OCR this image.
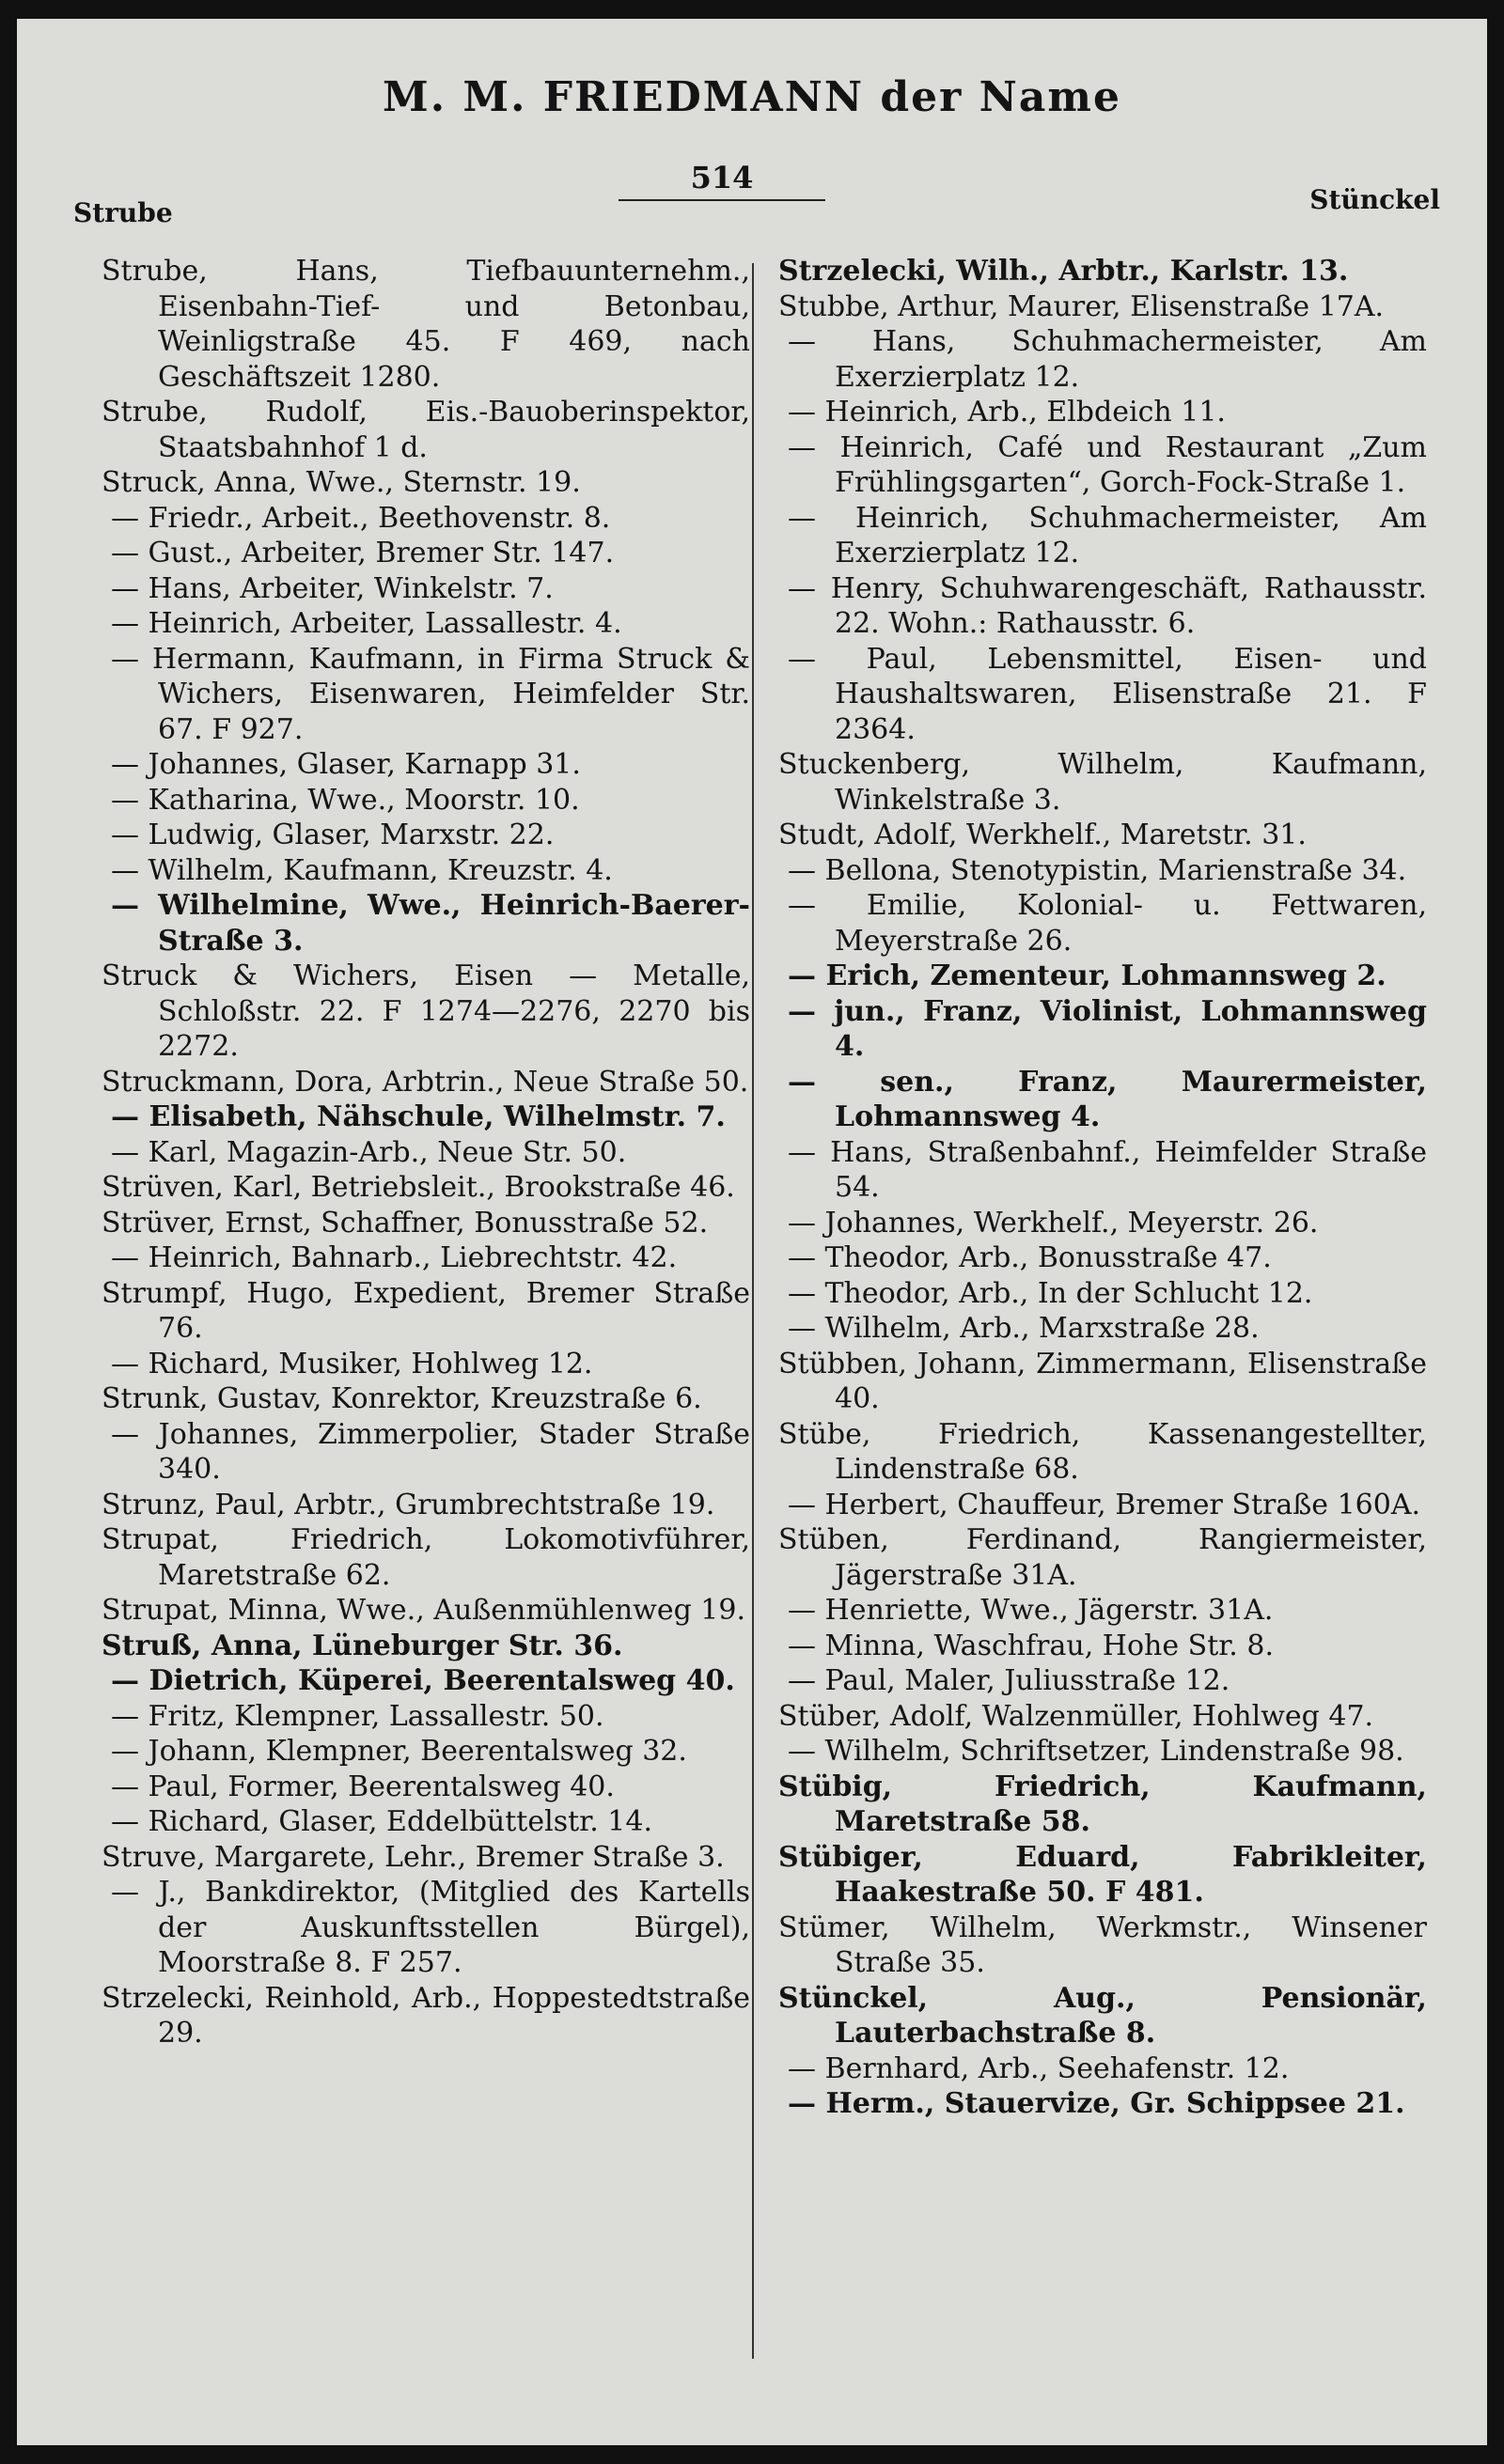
M. M. FRIEDMANN der Name
Strube
514
Stünckel

Strube, Hans, Tiefbauunternehm., Eisenbahn-Tief- und Betonbau, Weinligstraße 45. F 469, nach Geschäftszeit 1280.

Strube, Rudolf, Eis.-Bauoberinspektor, Staatsbahnhof 1 d.

Struck, Anna, Wwe., Sternstr. 19.

— Friedr., Arbeit., Beethovenstr. 8.

— Gust., Arbeiter, Bremer Str. 147.

— Hans, Arbeiter, Winkelstr. 7.

— Heinrich, Arbeiter, Lassallestr. 4.

— Hermann, Kaufmann, in Firma Struck & Wichers, Eisenwaren, Heimfelder Str. 67. F 927.

— Johannes, Glaser, Karnapp 31.

— Katharina, Wwe., Moorstr. 10.

— Ludwig, Glaser, Marxstr. 22.

— Wilhelm, Kaufmann, Kreuzstr. 4.

— Wilhelmine, Wwe., Heinrich-Baerer-Straße 3.

Struck & Wichers, Eisen — Metalle, Schloßstr. 22. F 1274—2276, 2270 bis 2272.

Struckmann, Dora, Arbtrin., Neue Straße 50.

— Elisabeth, Nähschule, Wilhelmstr. 7.

— Karl, Magazin-Arb., Neue Str. 50.

Strüven, Karl, Betriebsleit., Brookstraße 46.

Strüver, Ernst, Schaffner, Bonusstraße 52.

— Heinrich, Bahnarb., Liebrechtstr. 42.

Strumpf, Hugo, Expedient, Bremer Straße 76.

— Richard, Musiker, Hohlweg 12.

Strunk, Gustav, Konrektor, Kreuzstraße 6.

— Johannes, Zimmerpolier, Stader Straße 340.

Strunz, Paul, Arbtr., Grumbrechtstraße 19.

Strupat, Friedrich, Lokomotivführer, Maretstraße 62.

Strupat, Minna, Wwe., Außenmühlenweg 19.

Struß, Anna, Lüneburger Str. 36.

— Dietrich, Küperei, Beerentalsweg 40.

— Fritz, Klempner, Lassallestr. 50.

— Johann, Klempner, Beerentalsweg 32.

— Paul, Former, Beerentalsweg 40.

— Richard, Glaser, Eddelbüttelstr. 14.

Struve, Margarete, Lehr., Bremer Straße 3.

— J., Bankdirektor, (Mitglied des Kartells der Auskunftsstellen Bürgel), Moorstraße 8. F 257.

Strzelecki, Reinhold, Arb., Hoppestedtstraße 29.

Strzelecki, Wilh., Arbtr., Karlstr. 13.

Stubbe, Arthur, Maurer, Elisenstraße 17A.

— Hans, Schuhmachermeister, Am Exerzierplatz 12.

— Heinrich, Arb., Elbdeich 11.

— Heinrich, Café und Restaurant „Zum Frühlingsgarten“, Gorch-Fock-Straße 1.

— Heinrich, Schuhmachermeister, Am Exerzierplatz 12.

— Henry, Schuhwarengeschäft, Rathausstr. 22. Wohn.: Rathausstr. 6.

— Paul, Lebensmittel, Eisen- und Haushaltswaren, Elisenstraße 21. F 2364.

Stuckenberg, Wilhelm, Kaufmann, Winkelstraße 3.

Studt, Adolf, Werkhelf., Maretstr. 31.

— Bellona, Stenotypistin, Marienstraße 34.

— Emilie, Kolonial- u. Fettwaren, Meyerstraße 26.

— Erich, Zementeur, Lohmannsweg 2.

— jun., Franz, Violinist, Lohmannsweg 4.

— sen., Franz, Maurermeister, Lohmannsweg 4.

— Hans, Straßenbahnf., Heimfelder Straße 54.

— Johannes, Werkhelf., Meyerstr. 26.

— Theodor, Arb., Bonusstraße 47.

— Theodor, Arb., In der Schlucht 12.

— Wilhelm, Arb., Marxstraße 28.

Stübben, Johann, Zimmermann, Elisenstraße 40.

Stübe, Friedrich, Kassenangestellter, Lindenstraße 68.

— Herbert, Chauffeur, Bremer Straße 160A.

Stüben, Ferdinand, Rangiermeister, Jägerstraße 31A.

— Henriette, Wwe., Jägerstr. 31A.

— Minna, Waschfrau, Hohe Str. 8.

— Paul, Maler, Juliusstraße 12.

Stüber, Adolf, Walzenmüller, Hohlweg 47.

— Wilhelm, Schriftsetzer, Lindenstraße 98.

Stübig, Friedrich, Kaufmann, Maretstraße 58.

Stübiger, Eduard, Fabrikleiter, Haakestraße 50. F 481.

Stümer, Wilhelm, Werkmstr., Winsener Straße 35.

Stünckel, Aug., Pensionär, Lauterbachstraße 8.

— Bernhard, Arb., Seehafenstr. 12.

— Herm., Stauervize, Gr. Schippsee 21.
